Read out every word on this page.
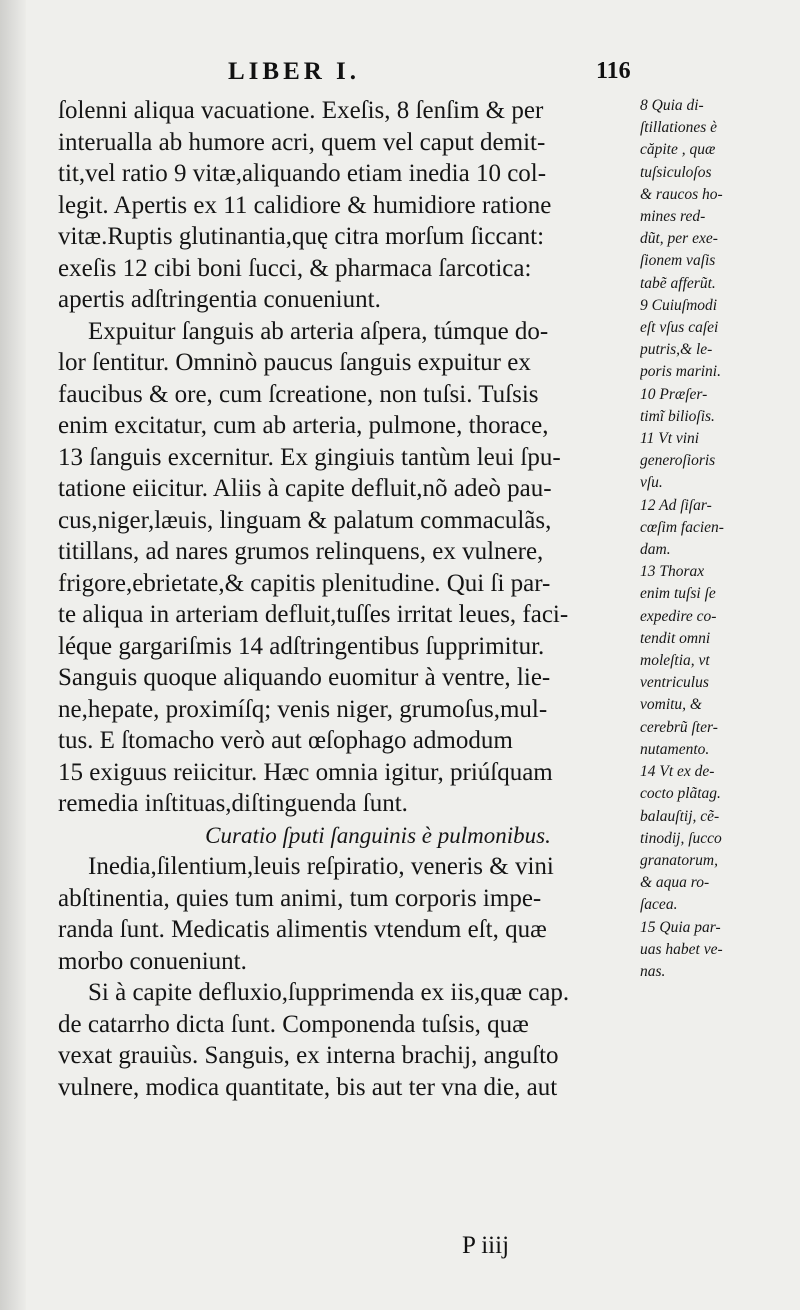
LIBER I.	116
ſolenni aliqua vacuatione. Exeſis, 8 ſenſim & per
interualla ab humore acri, quem vel caput demit-
tit,vel ratio 9 vitæ,aliquando etiam inedia 10 col-
legit. Apertis ex 11 calidiore & humidiore ratione
vitæ.Ruptis glutinantia,quę citra morſum ſiccant:
exeſis 12 cibi boni ſucci, & pharmaca ſarcotica:
apertis adſtringentia conueniunt.
Expuitur ſanguis ab arteria aſpera, túmque do-
lor ſentitur. Omninò paucus ſanguis expuitur ex
faucibus & ore, cum ſcreatione, non tuſsi. Tuſsis
enim excitatur, cum ab arteria, pulmone, thorace,
13 ſanguis excernitur. Ex gingiuis tantùm leui ſpu-
tatione eiicitur. Aliis à capite defluit,nõ adeò pau-
cus,niger,læuis, linguam & palatum commaculãs,
titillans, ad nares grumos relinquens, ex vulnere,
frigore,ebrietate,& capitis plenitudine. Qui ſi par-
te aliqua in arteriam defluit,tuſſes irritat leues, faci-
léque gargariſmis 14 adſtringentibus ſupprimitur.
Sanguis quoque aliquando euomitur à ventre, lie-
ne,hepate, proximíſq; venis niger, grumoſus,mul-
tus. E ſtomacho verò aut œſophago admodum
15 exiguus reiicitur. Hæc omnia igitur, priúſquam
remedia inſtituas,diſtinguenda ſunt.
Curatio ſputi ſanguinis è pulmonibus.
Inedia,ſilentium,leuis reſpiratio, veneris & vini
abſtinentia, quies tum animi, tum corporis impe-
randa ſunt. Medicatis alimentis vtendum eſt, quæ
morbo conueniunt.
Si à capite defluxio,ſupprimenda ex iis,quæ cap.
de catarrho dicta ſunt. Componenda tuſsis, quæ
vexat grauiùs. Sanguis, ex interna brachij, anguſto
vulnere, modica quantitate, bis aut ter vna die, aut
8 Quia di-
ſtillationes è
căpite , quæ
tuſsiculoſos
& raucos ho-
mines red-
dũt, per exe-
ſionem vaſis
tabẽ afferũt.
9 Cuiuſmodi
eſt vſus caſei
putris,& le-
poris marini.
10 Præſer-
timĩ bilioſis.
11 Vt vini
generoſioris
vſu.
12 Ad ſiſar-
cœſim facien-
dam.
13 Thorax
enim tuſsi ſe
expedire co-
tendit omni
moleſtia, vt
ventriculus
vomitu, &
cerebrũ ſter-
nutamento.
14 Vt ex de-
cocto plãtag.
balauſtij, cẽ-
tinodij, ſucco
granatorum,
& aqua ro-
ſacea.
15 Quia par-
uas habet ve-
nas.
P iiij
